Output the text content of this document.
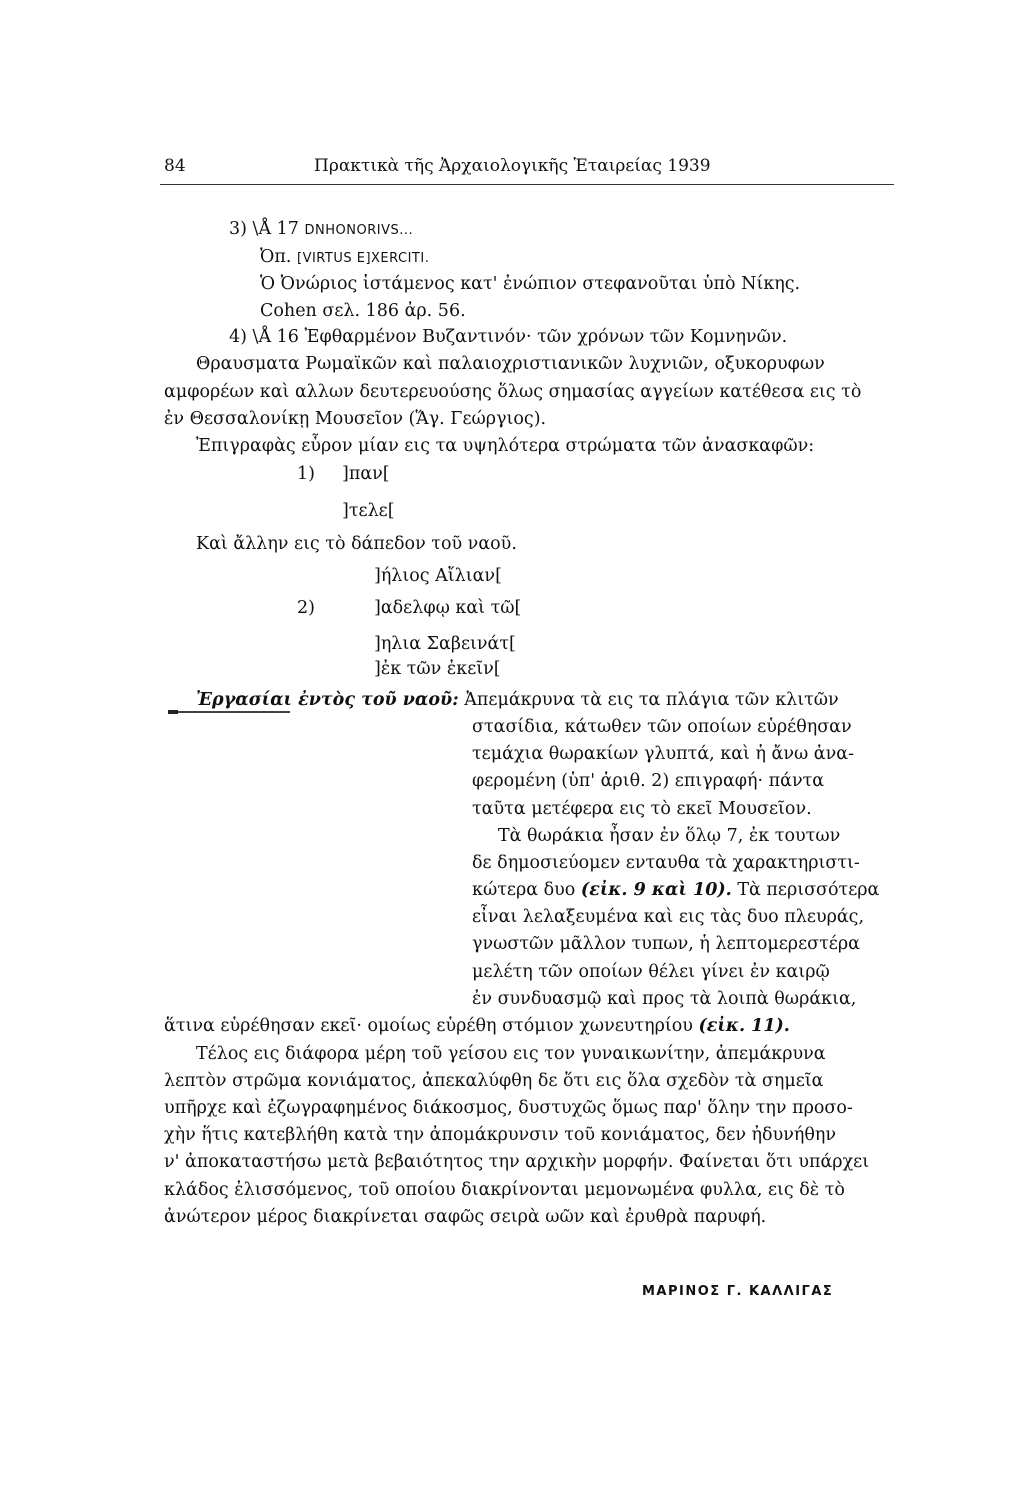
84	Πρακτικὰ τῆς Ἀρχαιολογικῆς Ἑταιρείας 1939
3) \Å 17 DNHONORIVS...
Ὀπ. [VIRTUS E]XERCITI.
Ὁ Ὀνώριος ἱστάμενος κατ' ἐνώπιον στεφανοῦται ὑπὸ Νίκης.
Cohen σελ. 186 ἀρ. 56.
4) \Å 16 Ἐφθαρμένον Βυζαντινόν· τῶν χρόνων τῶν Κομνηνῶν.
Θραυσματα Ρωμαϊκῶν καὶ παλαιοχριστιανικῶν λυχνιῶν, οξυκορυφων
αμφορέων καὶ αλλων δευτερευούσης ὅλως σημασίας αγγείων κατέθεσα εις τὸ
ἐν Θεσσαλονίκῃ Μουσεῖον (Ἅγ. Γεώργιος).
Ἐπιγραφὰς εὗρον μίαν εις τα υψηλότερα στρώματα τῶν ἀνασκαφῶν:
1) ]παν[
]τελε[
Καὶ ἄλλην εις τὸ δάπεδον τοῦ ναοῦ.
]ήλιος Αἴλιαν[
2)	]αδελφῳ καὶ τῶ[
]ηλια Σαβεινάτ[
]ἐκ τῶν ἐκεῖν[
Ἐργασίαι ἐντὸς τοῦ ναοῦ: Ἀπεμάκρυνα τὰ εις τα πλάγια τῶν κλιτῶν
στασίδια, κάτωθεν τῶν οποίων εὑρέθησαν
τεμάχια θωρακίων γλυπτά, καὶ ἡ ἄνω ἀνα-
φερομένη (ὑπ' ἀριθ. 2) επιγραφή· πάντα
ταῦτα μετέφερα εις τὸ εκεῖ Μουσεῖον.
Τὰ θωράκια ἦσαν ἐν ὅλῳ 7, ἐκ τουτων
δε δημοσιεύομεν ενταυθα τὰ χαρακτηριστι-
κώτερα δυο (εἰκ. 9 καὶ 10). Τὰ περισσότερα
εἶναι λελαξευμένα καὶ εις τὰς δυο πλευράς,
γνωστῶν μᾶλλον τυπων, ἡ λεπτομερεστέρα
μελέτη τῶν οποίων θέλει γίνει ἐν καιρῷ
ἐν συνδυασμῷ καὶ προς τὰ λοιπὰ θωράκια,
ἅτινα εὑρέθησαν εκεῖ· ομοίως εὑρέθη στόμιον χωνευτηρίου (εἰκ. 11).
Τέλος εις διάφορα μέρη τοῦ γείσου εις τον γυναικωνίτην, ἀπεμάκρυνα
λεπτὸν στρῶμα κονιάματος, ἀπεκαλύφθη δε ὅτι εις ὅλα σχεδὸν τὰ σημεῖα
υπῆρχε καὶ ἐζωγραφημένος διάκοσμος, δυστυχῶς ὅμως παρ' ὅλην την προσο-
χὴν ἥτις κατεβλήθη κατὰ την ἀπομάκρυνσιν τοῦ κονιάματος, δεν ἠδυνήθην
ν' ἀποκαταστήσω μετὰ βεβαιότητος την αρχικὴν μορφήν. Φαίνεται ὅτι υπάρχει
κλάδος ἑλισσόμενος, τοῦ οποίου διακρίνονται μεμονωμένα φυλλα, εις δὲ τὸ
ἀνώτερον μέρος διακρίνεται σαφῶς σειρὰ ωῶν καὶ ἐρυθρὰ παρυφή.
ΜΑΡΙΝΟΣ Γ. ΚΑΛΛΙΓΑΣ
